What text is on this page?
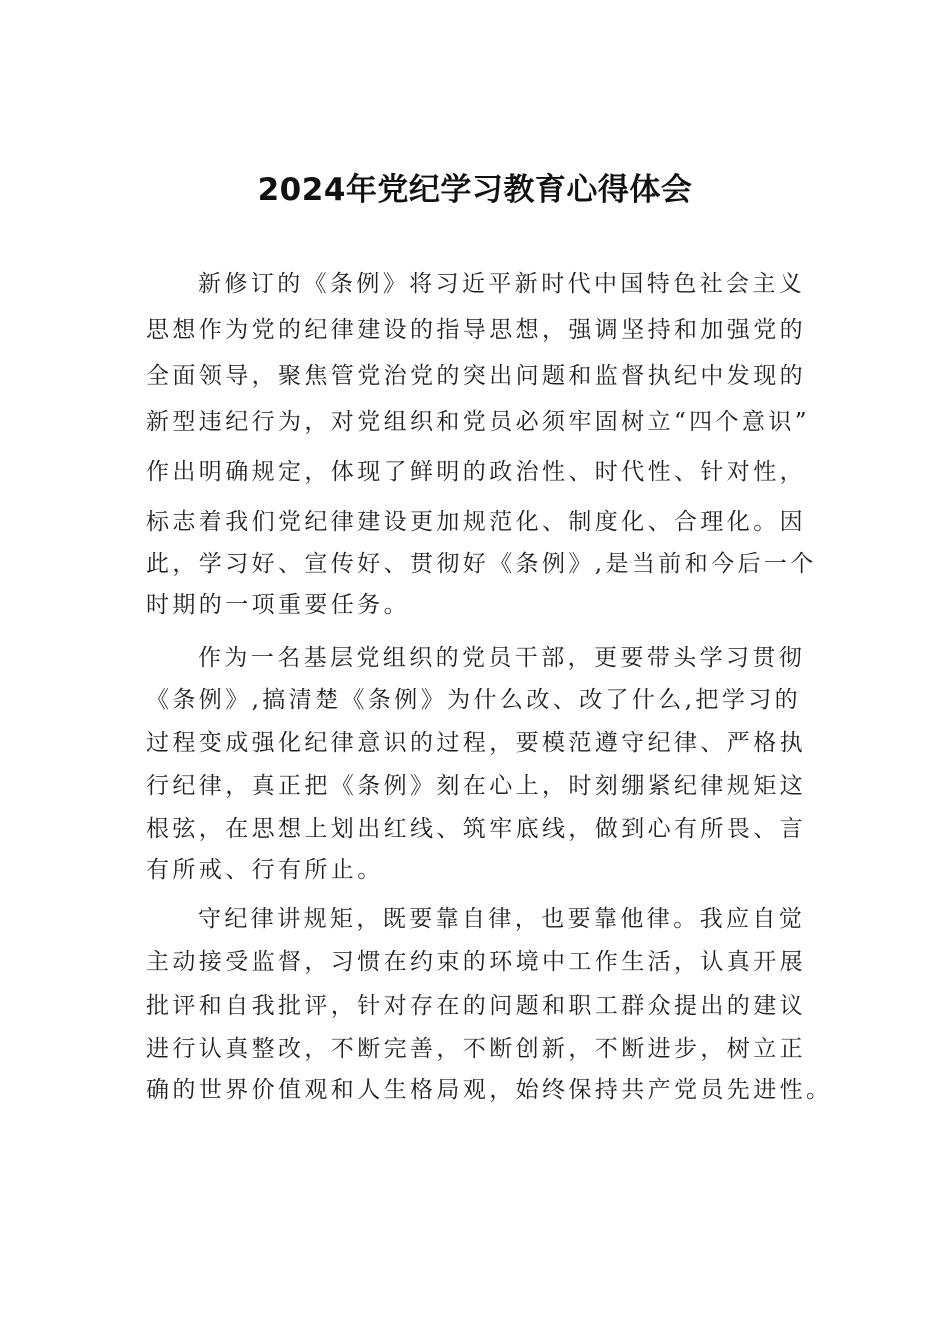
2024年党纪学习教育心得体会
新修订的《条例》将习近平新时代中国特色社会主义
思想作为党的纪律建设的指导思想，强调坚持和加强党的
全面领导，聚焦管党治党的突出问题和监督执纪中发现的
新型违纪行为，对党组织和党员必须牢固树立“四个意识”
作出明确规定，体现了鲜明的政治性、时代性、针对性，
标志着我们党纪律建设更加规范化、制度化、合理化。因
此，学习好、宣传好、贯彻好《条例》,是当前和今后一个
时期的一项重要任务。
作为一名基层党组织的党员干部，更要带头学习贯彻
《条例》,搞清楚《条例》为什么改、改了什么,把学习的
过程变成强化纪律意识的过程，要模范遵守纪律、严格执
行纪律，真正把《条例》刻在心上，时刻绷紧纪律规矩这
根弦，在思想上划出红线、筑牢底线，做到心有所畏、言
有所戒、行有所止。
守纪律讲规矩，既要靠自律，也要靠他律。我应自觉
主动接受监督，习惯在约束的环境中工作生活，认真开展
批评和自我批评，针对存在的问题和职工群众提出的建议
进行认真整改，不断完善，不断创新，不断进步，树立正
确的世界价值观和人生格局观，始终保持共产党员先进性。
